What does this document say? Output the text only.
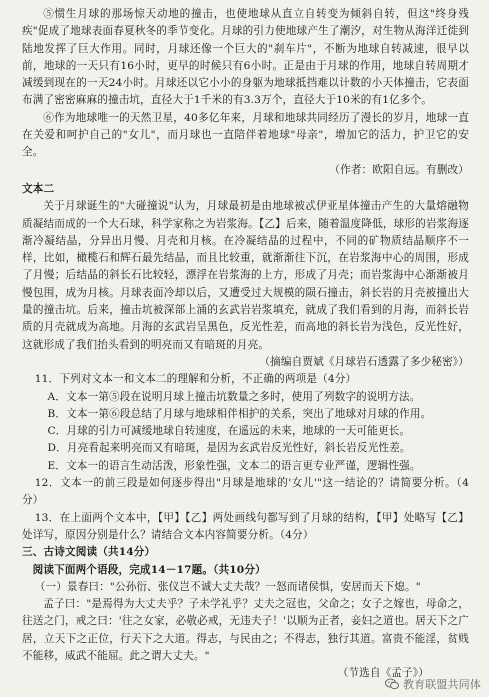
⑤惯生月球的那场惊天动地的撞击，也使地球从直立自转变为倾斜自转，但这"终身残疾"促成了地球表面春夏秋冬的季节变化。月球的引力使地球产生了潮汐，对生物从海洋迁徙到陆地发挥了巨大作用。同时，月球还像一个巨大的"刹车片"，不断为地球自转减速，很早以前，地球的一天只有16小时，更早的时候只有6小时。正是由于月球的作用，地球自转周期才减缓到现在的一天24小时。月球还以它小小的身躯为地球抵挡难以计数的小天体撞击，它表面布满了密密麻麻的撞击坑，直径大于1千米的有3.3万个，直径大于10米的有1亿多个。

⑥作为地球唯一的天然卫星，40多亿年来，月球和地球共同经历了漫长的岁月，地球一直在关爱和呵护自己的"女儿"，而月球也一直陪伴着地球"母亲"，增加它的活力，护卫它的安全。

（作者：欧阳自远。有删改）

文本二

关于月球诞生的"大碰撞说"认为，月球最初是由地球被忒伊亚星体撞击产生的大量熔融物质凝结而成的一个大石球，科学家称之为岩浆海。【乙】后来，随着温度降低，球形的岩浆海逐渐冷凝结晶，分异出月慢、月壳和月核。在冷凝结晶的过程中，不同的矿物质结晶顺序不一样，比如，橄榄石和辉石最先结晶，而且比较重，就渐渐往下沉，在岩浆海中心的周围，形成了月慢；后结晶的斜长石比较轻，漂浮在岩浆海的上方，形成了月壳；而岩浆海中心渐渐被月慢包围，成为月核。月球表面冷却以后，又遭受过大规模的陨石撞击，斜长岩的月壳被撞出大量的撞击坑。后来，撞击坑被深部上涌的玄武岩岩浆填充，就成了我们看到的月海，而斜长岩质的月壳就成为高地。月海的玄武岩呈黑色，反光性差，而高地的斜长岩为浅色，反光性好，这就形成了我们抬头看到的明亮而又有暗斑的月亮。

（摘编自贾斌《月球岩石透露了多少秘密》）

11．下列对文本一和文本二的理解和分析，不正确的两项是（4分）

A．文本一第⑤段在说明月球上撞击坑数量之多时，使用了列数字的说明方法。

B．文本一第⑥段总结了月球与地球相伴相护的关系，突出了地球对月球的作用。

C．月球的引力可减缓地球自转速度，在遥远的未来，地球的一天可能更长。

D．月亮看起来明亮而又有暗斑，是因为玄武岩反光性好，斜长岩反光性差。

E．文本一的语言生动活泼，形象性强，文本二的语言更专业严谨，逻辑性强。

12．文本一的前三段是如何逐步得出"月球是地球的'女儿'"这一结论的？请简要分析。（4分）

13．在上面两个文本中，【甲】【乙】两处画线句都写到了月球的结构，【甲】处略写【乙】处详写，原因分别是什么？请结合文本内容简要分析。（4分）

三、古诗文阅读（共14分）

阅读下面两个语段，完成14－17题。（共10分）

（一）景春曰："公孙衍、张仪岂不诚大丈夫哉？一怒而诸侯惧，安居而天下熄。"

孟子曰："是焉得为大丈夫乎？子未学礼乎？丈夫之冠也，父命之；女子之嫁也，母命之，往送之门，戒之曰：'往之女家，必敬必戒，无违夫子！'以顺为正者，妾妇之道也。居天下之广居，立天下之正位，行天下之大道。得志，与民由之；不得志，独行其道。富贵不能淫，贫贱不能移，威武不能屈。此之谓大丈夫。"

（节选自《孟子》）

教育联盟共同体
